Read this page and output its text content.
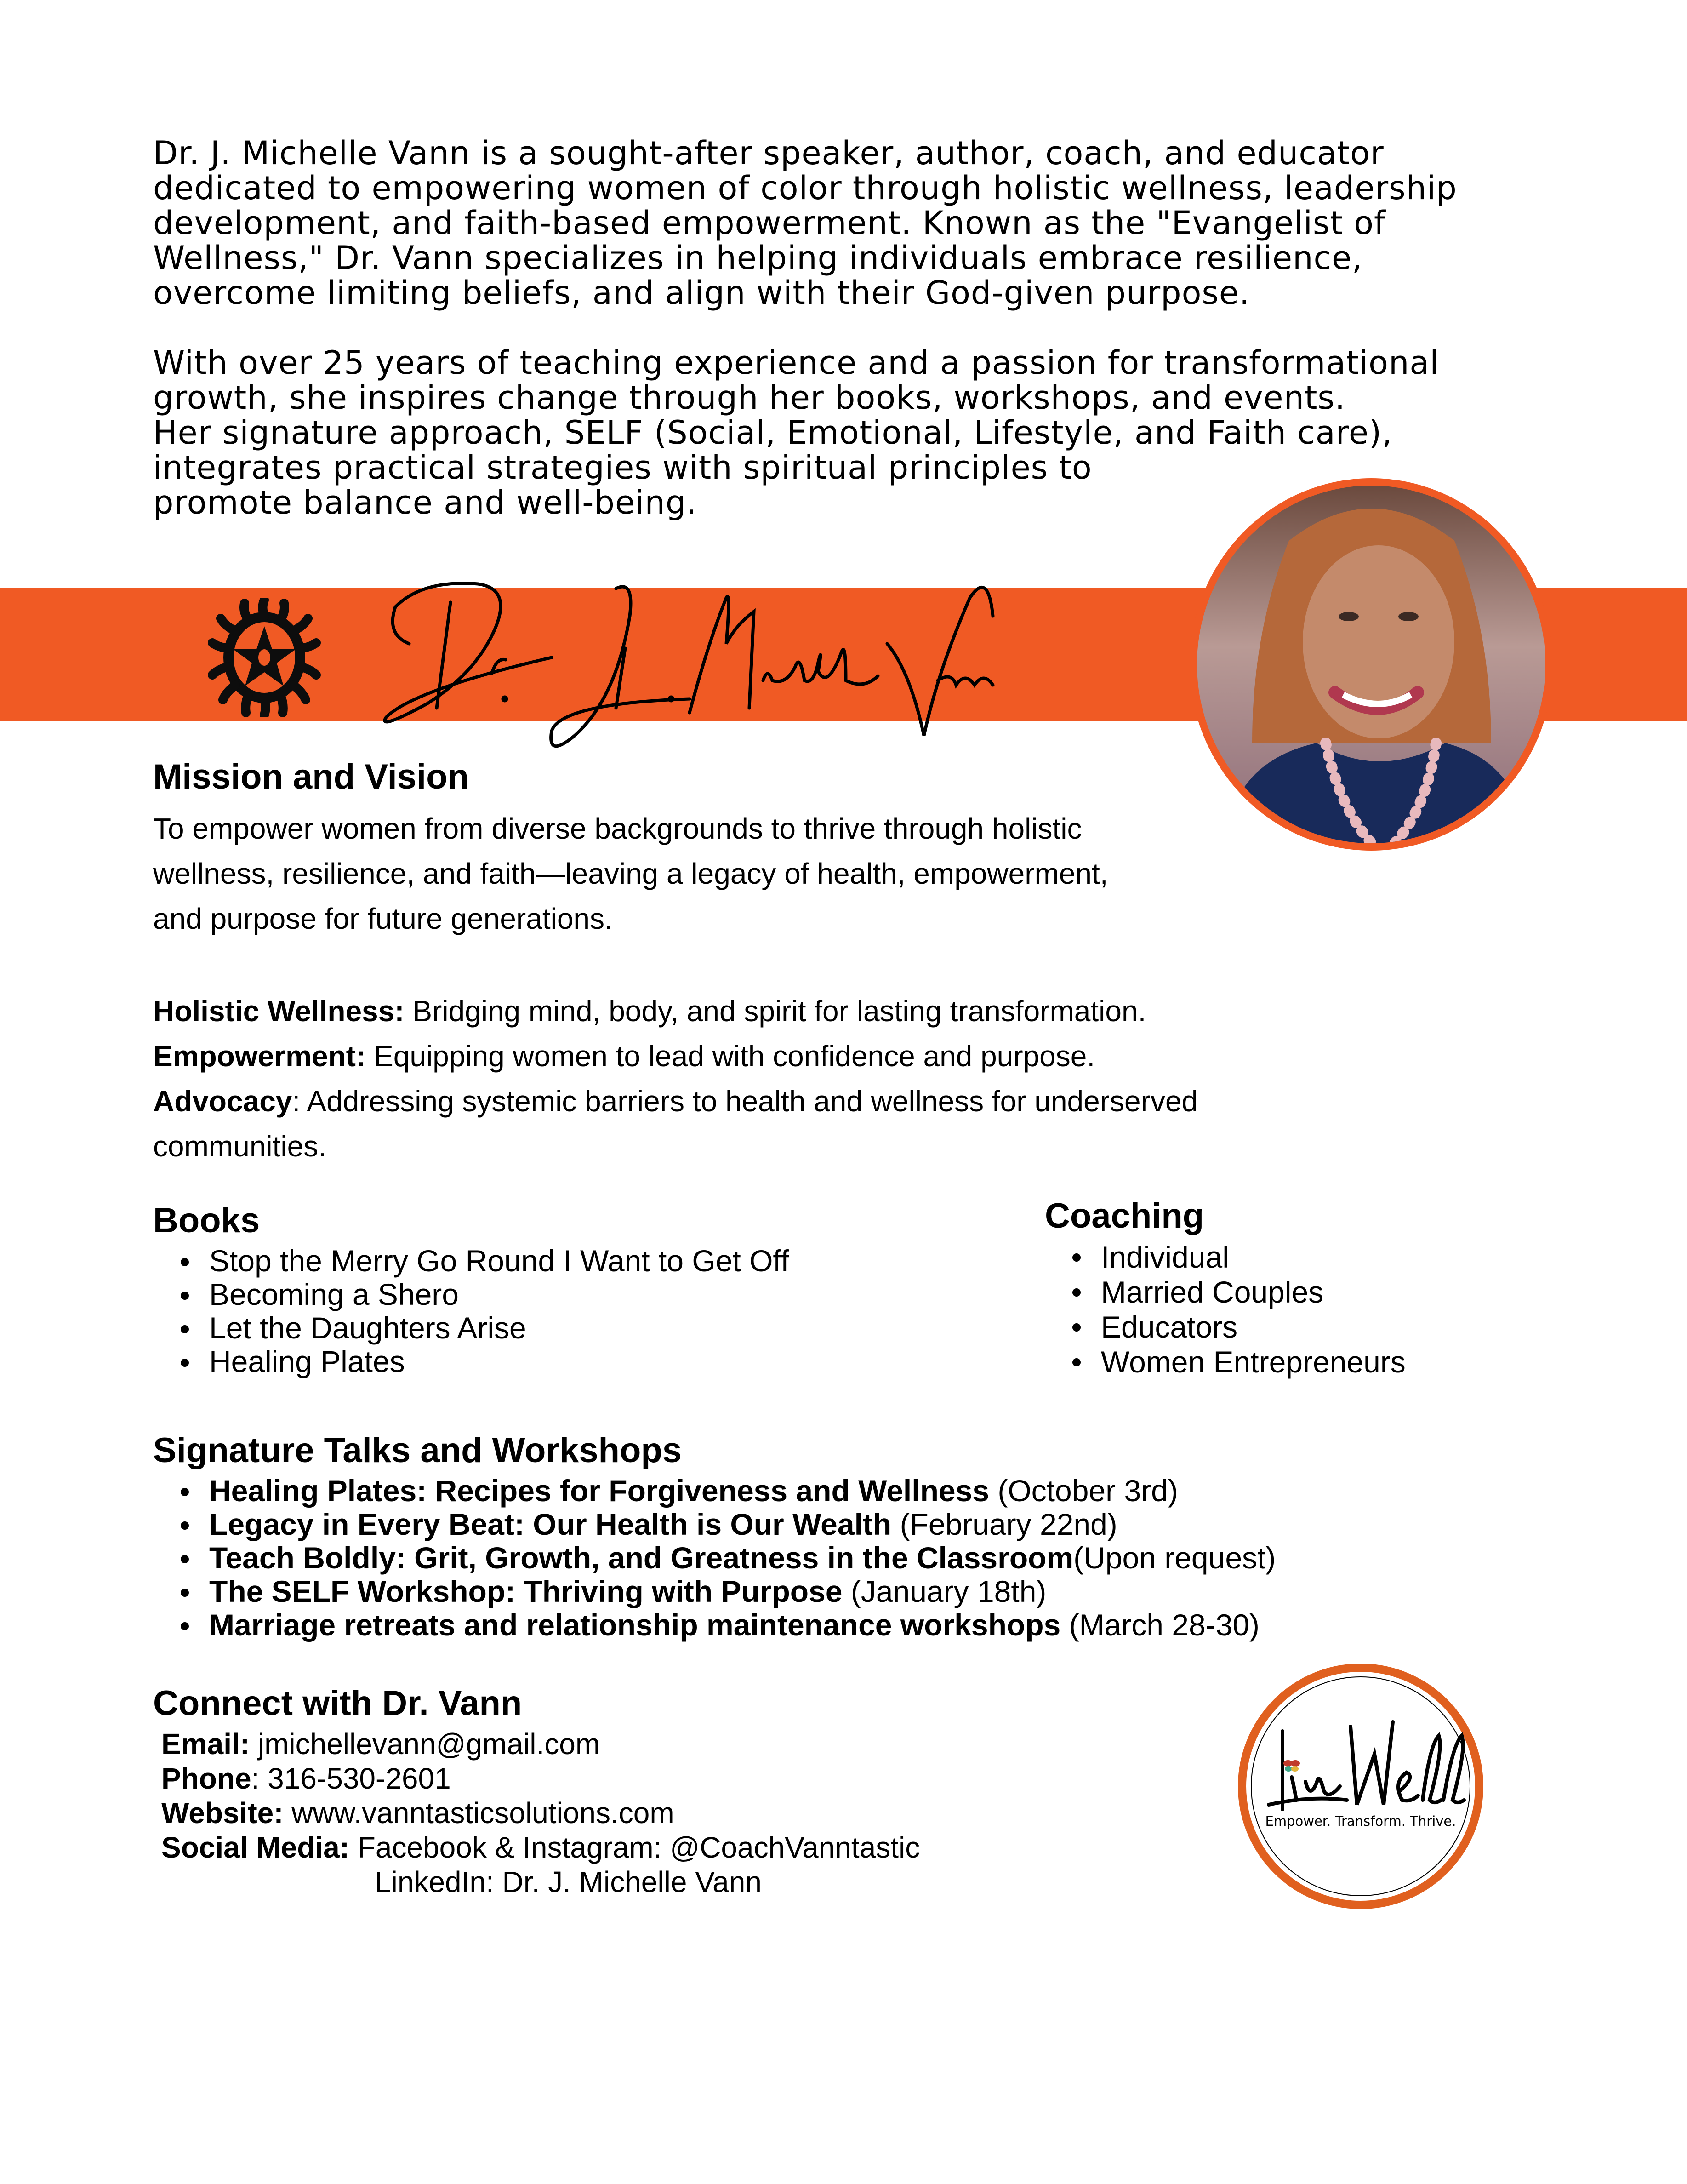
Dr. J. Michelle Vann is a sought-after speaker, author, coach, and educator
dedicated to empowering women of color through holistic wellness, leadership
development, and faith-based empowerment. Known as the "Evangelist of
Wellness," Dr. Vann specializes in helping individuals embrace resilience,
overcome limiting beliefs, and align with their God-given purpose.

With over 25 years of teaching experience and a passion for transformational
growth, she inspires change through her books, workshops, and events.
Her signature approach, SELF (Social, Emotional, Lifestyle, and Faith care),
integrates practical strategies with spiritual principles to
promote balance and well-being.

Mission and Vision

To empower women from diverse backgrounds to thrive through holistic
wellness, resilience, and faith—leaving a legacy of health, empowerment,
and purpose for future generations.

Holistic Wellness: Bridging mind, body, and spirit for lasting transformation.
Empowerment: Equipping women to lead with confidence and purpose.
Advocacy: Addressing systemic barriers to health and wellness for underserved
communities.
Books
Stop the Merry Go Round I Want to Get Off
Becoming a Shero
Let the Daughters Arise
Healing Plates
Coaching
Individual
Married Couples
Educators
Women Entrepreneurs
Signature Talks and Workshops
Healing Plates: Recipes for Forgiveness and Wellness (October 3rd)
Legacy in Every Beat: Our Health is Our Wealth (February 22nd)
Teach Boldly: Grit, Growth, and Greatness in the Classroom(Upon request)
The SELF Workshop: Thriving with Purpose (January 18th)
Marriage retreats and relationship maintenance workshops (March 28-30)
Connect with Dr. Vann
Email: jmichellevann@gmail.com
Phone: 316-530-2601
Website: www.vanntasticsolutions.com
Social Media: Facebook & Instagram: @CoachVanntastic
LinkedIn: Dr. J. Michelle Vann
Empower. Transform. Thrive.
